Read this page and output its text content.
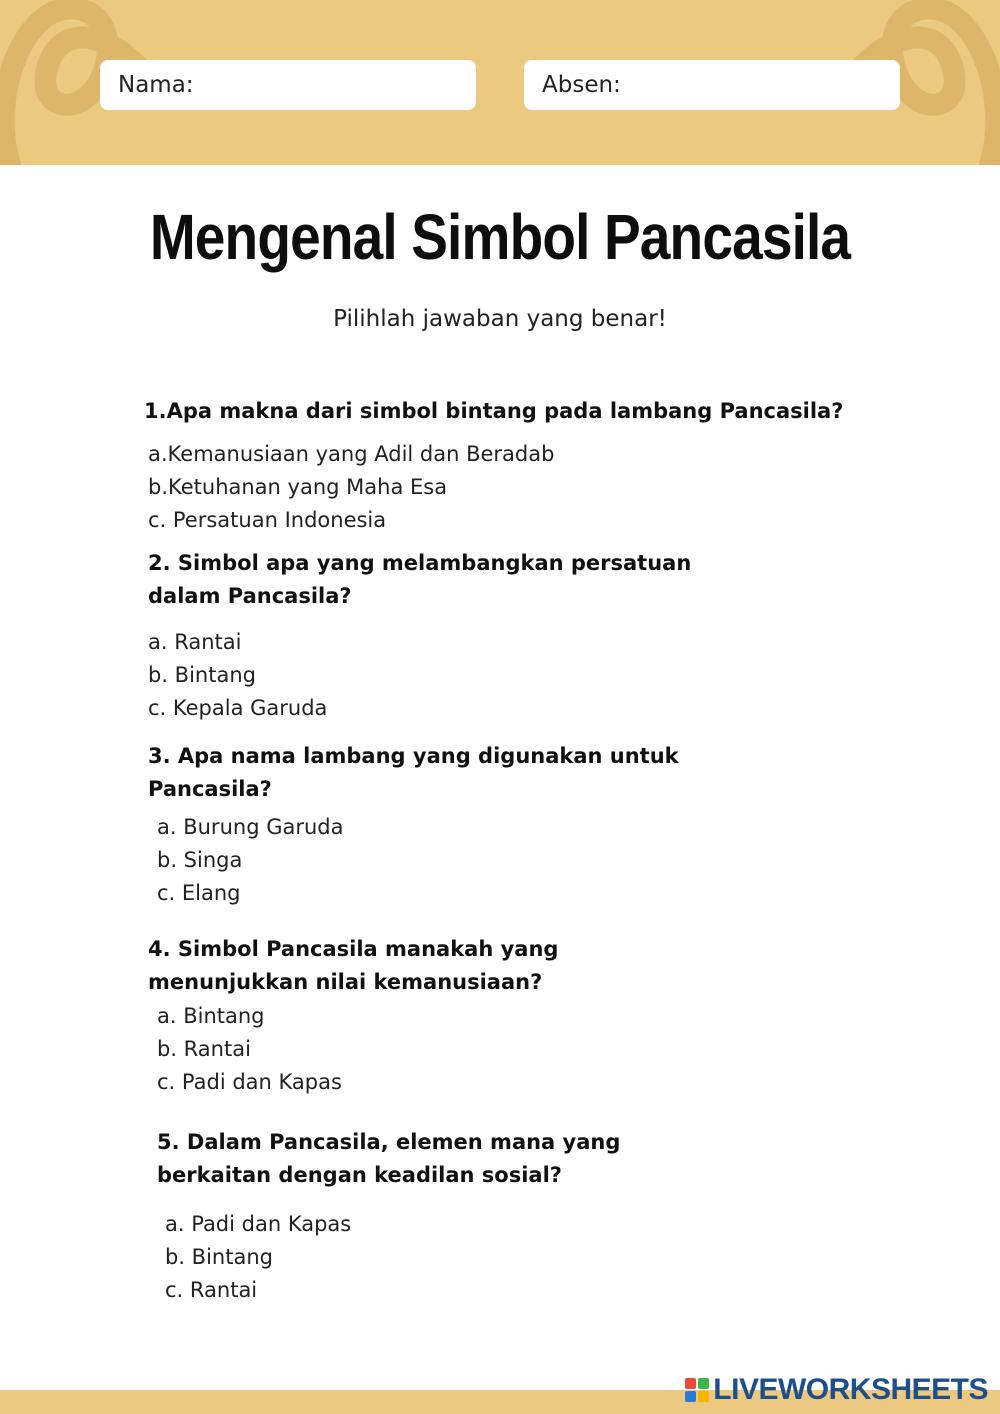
Nama:	Absen:
Mengenal Simbol Pancasila
Pilihlah jawaban yang benar!
1.Apa makna dari simbol bintang pada lambang Pancasila?
a.Kemanusiaan yang Adil dan Beradab
b.Ketuhanan yang Maha Esa
c. Persatuan Indonesia
2. Simbol apa yang melambangkan persatuan
dalam Pancasila?
a. Rantai
b. Bintang
c. Kepala Garuda
3. Apa nama lambang yang digunakan untuk
Pancasila?
a. Burung Garuda
b. Singa
c. Elang
4. Simbol Pancasila manakah yang
menunjukkan nilai kemanusiaan?
a. Bintang
b. Rantai
c. Padi dan Kapas
5. Dalam Pancasila, elemen mana yang
berkaitan dengan keadilan sosial?
a. Padi dan Kapas
b. Bintang
c. Rantai
LIVEWORKSHEETS
